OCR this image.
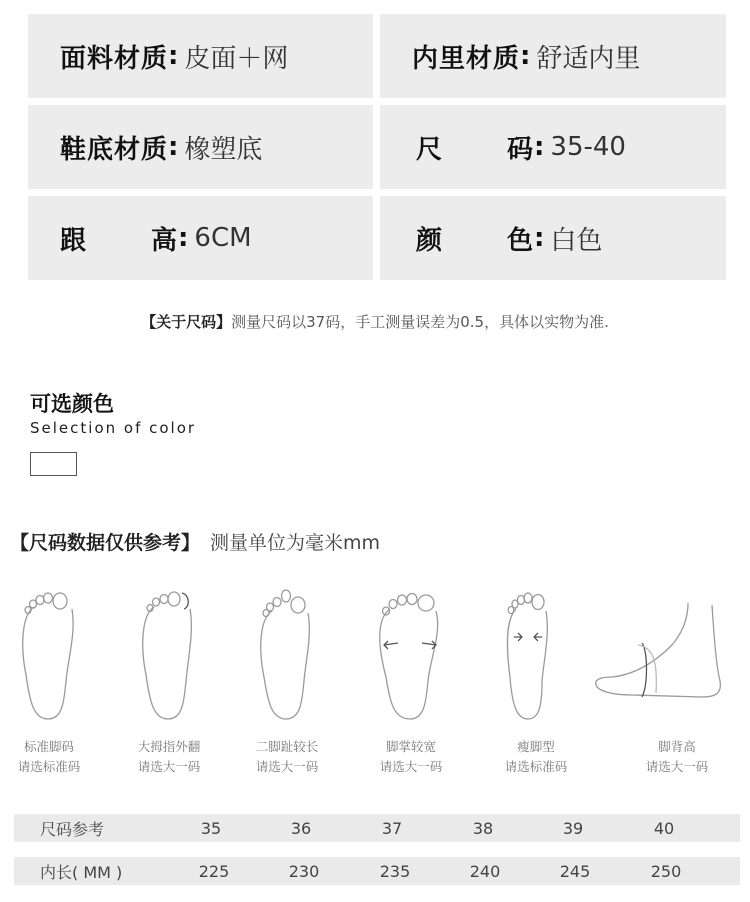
面料材质 : 皮面＋网	内里材质 : 舒适内里
鞋底材质 : 橡塑底	尺 码 : 35-40
跟 高 : 6CM	颜 色 : 白色
【关于尺码】测量尺码以37码，手工测量误差为0.5，具体以实物为准.
可选颜色
Selection of color
【尺码数据仅供参考】 测量单位为毫米mm
标准脚码
请选标准码
大拇指外翻
请选大一码
二脚趾较长
请选大一码
脚掌较宽
请选大一码
瘦脚型
请选标准码
脚背高
请选大一码
尺码参考	35	36	37	38	39	40
内长( MM )	225	230	235	240	245	250
